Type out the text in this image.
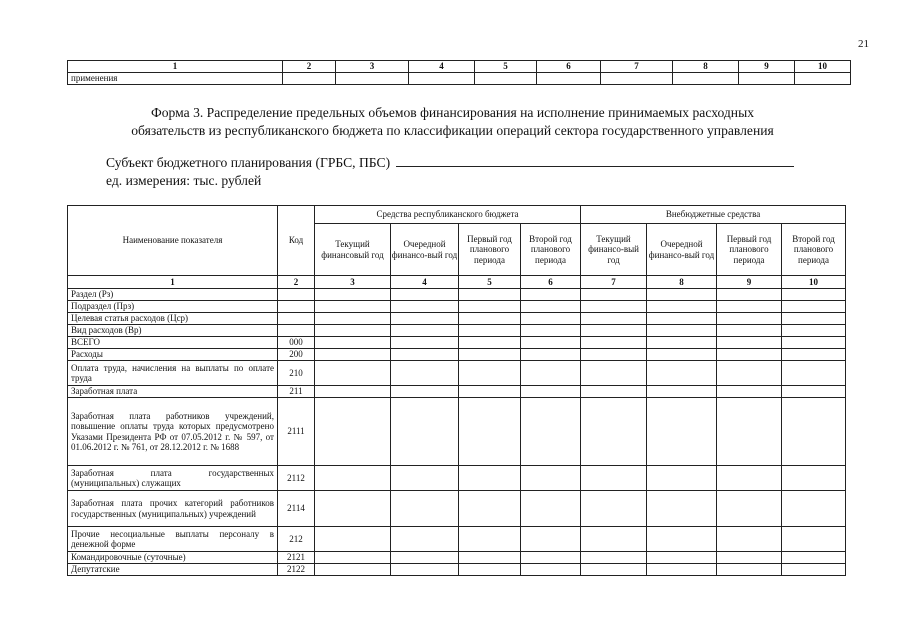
21
1	2	3	4	5	6	7	8	9	10
применения									
Форма 3. Распределение предельных объемов финансирования на исполнение принимаемых расходных
обязательств из республиканского бюджета по классификации операций сектора государственного управления
Субъект бюджетного планирования (ГРБС, ПБС)
ед. измерения: тыс. рублей
Наименование показателя	Код	Средства республиканского бюджета				Внебюджетные средства			
		Текущий финансовый год	Очередной финансо-вый год	Первый год планового периода	Второй год планового периода	Текущий финансо-вый год	Очередной финансо-вый год	Первый год планового периода	Второй год планового периода
1	2	3	4	5	6	7	8	9	10
Раздел (Рз)									
Подраздел (Прз)									
Целевая статья расходов (Цср)									
Вид расходов (Вр)									
ВСЕГО	000								
Расходы	200								
Оплата труда, начисления на выплаты по оплате труда	210								
Заработная плата	211								
Заработная плата работников учреждений, повышение оплаты труда которых предусмотрено Указами Президента РФ от 07.05.2012 г. № 597, от 01.06.2012 г. № 761, от 28.12.2012 г. № 1688	2111								
Заработная плата государственных (муниципальных) служащих	2112								
Заработная плата прочих категорий работников государственных (муниципальных) учреждений	2114								
Прочие несоциальные выплаты персоналу в денежной форме	212								
Командировочные (суточные)	2121								
Депутатские	2122								
